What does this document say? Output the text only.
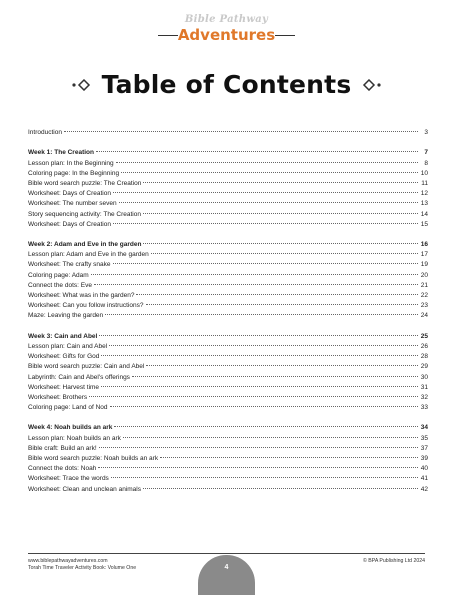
Bible Pathway
Adventures
Table of Contents
Introduction	3
Week 1: The Creation	7
Lesson plan: In the Beginning	8
Coloring page: In the Beginning	10
Bible word search puzzle: The Creation	11
Worksheet: Days of Creation	12
Worksheet: The number seven	13
Story sequencing activity: The Creation	14
Worksheet: Days of Creation	15
Week 2: Adam and Eve in the garden	16
Lesson plan: Adam and Eve in the garden	17
Worksheet: The crafty snake	19
Coloring page: Adam	20
Connect the dots: Eve	21
Worksheet: What was in the garden?	22
Worksheet: Can you follow instructions?	23
Maze: Leaving the garden	24
Week 3: Cain and Abel	25
Lesson plan: Cain and Abel	26
Worksheet: Gifts for God	28
Bible word search puzzle: Cain and Abel	29
Labyrinth: Cain and Abel's offerings	30
Worksheet: Harvest time	31
Worksheet: Brothers	32
Coloring page: Land of Nod	33
Week 4: Noah builds an ark	34
Lesson plan: Noah builds an ark	35
Bible craft: Build an ark!	37
Bible word search puzzle: Noah builds an ark	39
Connect the dots: Noah	40
Worksheet: Trace the words	41
Worksheet: Clean and unclean animals	42
www.biblepathwayadventures.com
Torah Time Traveler Activity Book: Volume One	4
© BPA Publishing Ltd 2024
